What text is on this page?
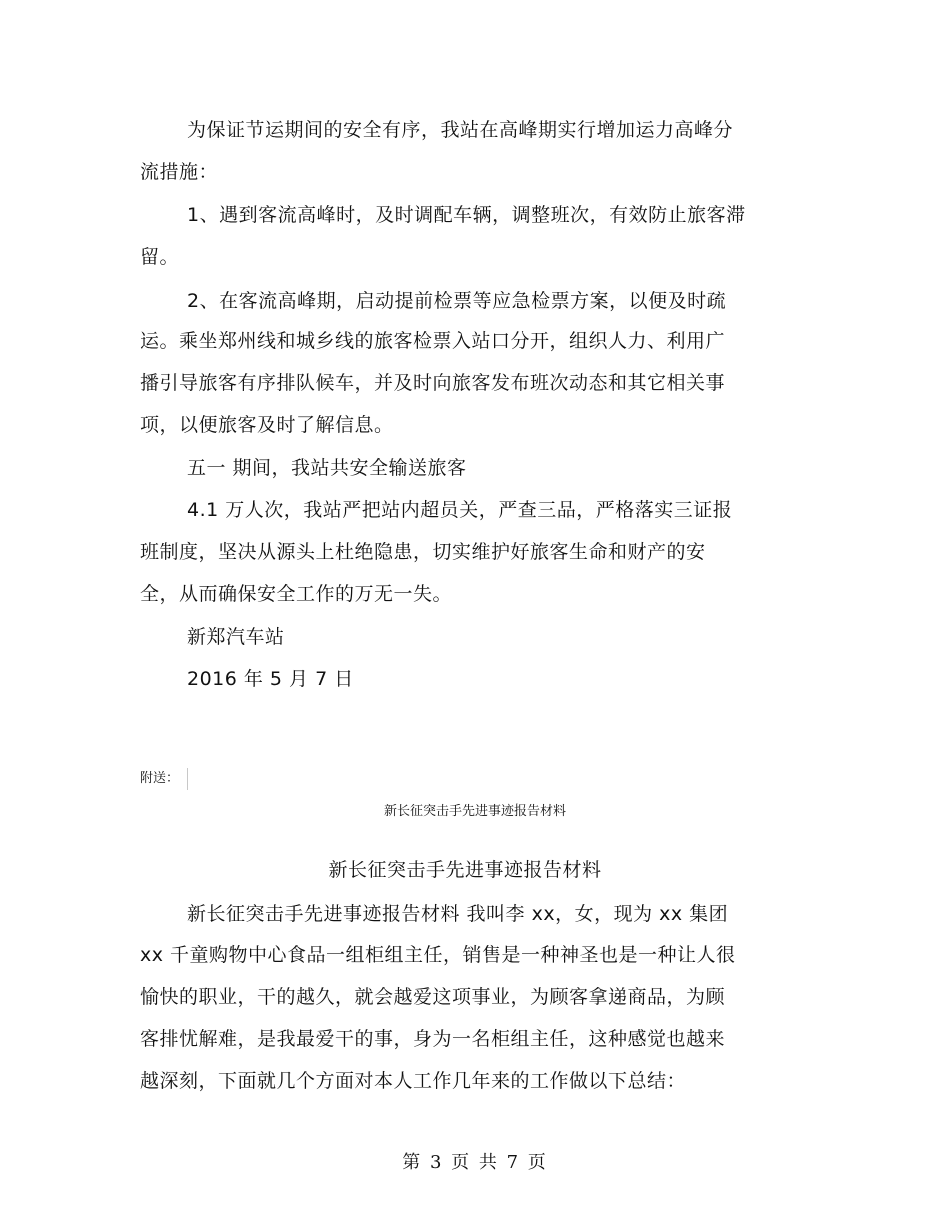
为保证节运期间的安全有序，我站在高峰期实行增加运力高峰分

流措施：

1、遇到客流高峰时，及时调配车辆，调整班次，有效防止旅客滞

留。

2、在客流高峰期，启动提前检票等应急检票方案，以便及时疏

运。乘坐郑州线和城乡线的旅客检票入站口分开，组织人力、利用广

播引导旅客有序排队候车，并及时向旅客发布班次动态和其它相关事

项，以便旅客及时了解信息。

五一 期间，我站共安全输送旅客

4.1 万人次，我站严把站内超员关，严查三品，严格落实三证报

班制度，坚决从源头上杜绝隐患，切实维护好旅客生命和财产的安

全，从而确保安全工作的万无一失。

新郑汽车站

2016 年 5 月 7 日

附送：

新长征突击手先进事迹报告材料

新长征突击手先进事迹报告材料

新长征突击手先进事迹报告材料 我叫李 xx，女，现为 xx 集团

xx 千童购物中心食品一组柜组主任，销售是一种神圣也是一种让人很

愉快的职业，干的越久，就会越爱这项事业，为顾客拿递商品，为顾

客排忧解难，是我最爱干的事，身为一名柜组主任，这种感觉也越来

越深刻，下面就几个方面对本人工作几年来的工作做以下总结：

第 3 页 共 7 页
